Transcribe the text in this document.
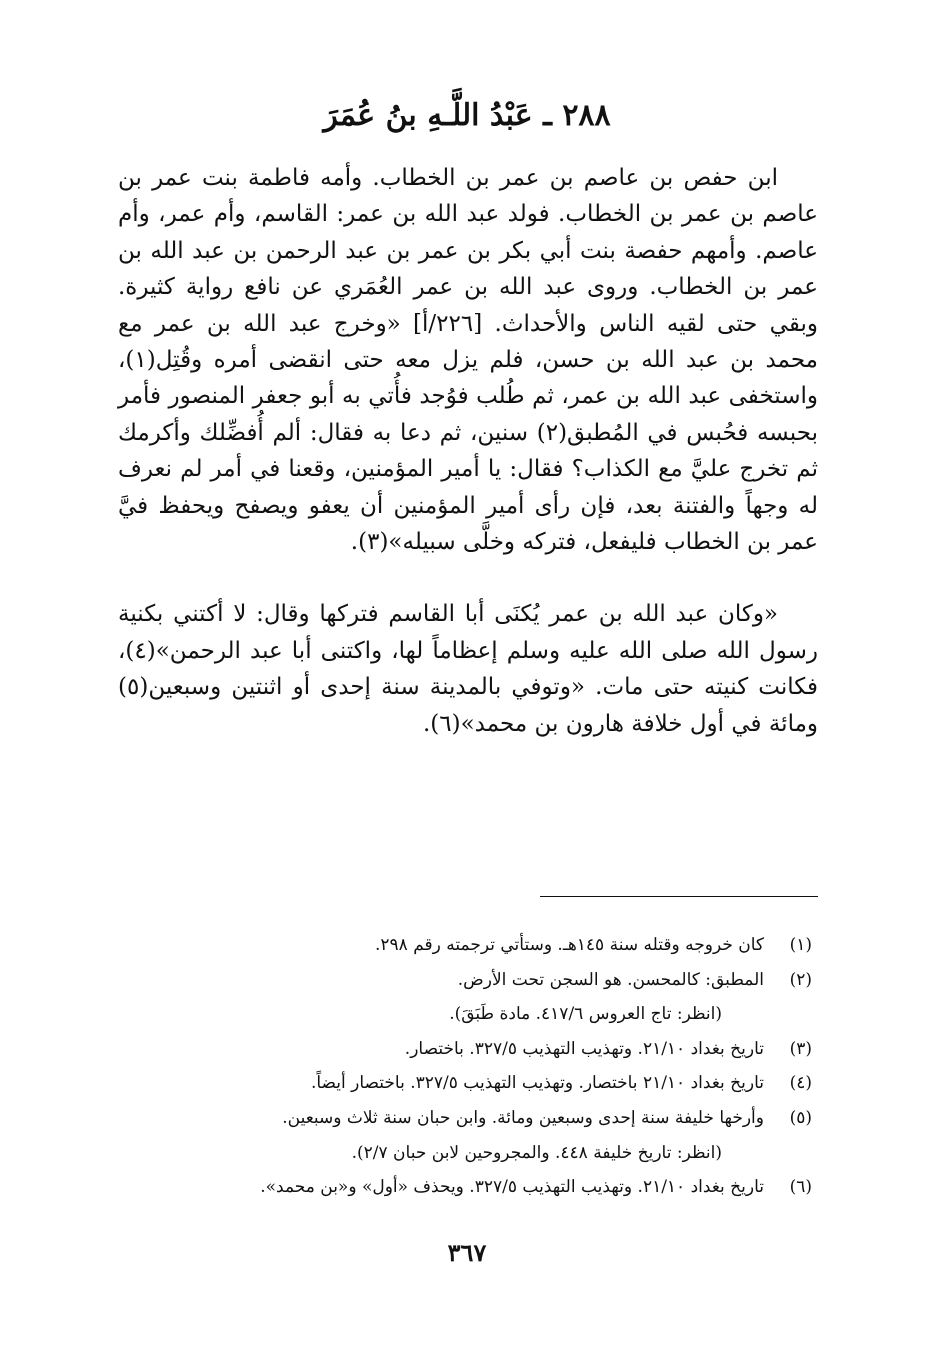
٢٨٨ ـ عَبْدُ اللَّـهِ بنُ عُمَرَ

ابن حفص بن عاصم بن عمر بن الخطاب. وأمه فاطمة بنت عمر بن عاصم بن عمر بن الخطاب. فولد عبد الله بن عمر: القاسم، وأم عمر، وأم عاصم. وأمهم حفصة بنت أبي بكر بن عمر بن عبد الرحمن بن عبد الله بن عمر بن الخطاب. وروى عبد الله بن عمر العُمَري عن نافع رواية كثيرة. وبقي حتى لقيه الناس والأحداث. [٢٢٦/أ] «وخرج عبد الله بن عمر مع محمد بن عبد الله بن حسن، فلم يزل معه حتى انقضى أمره وقُتِل(١)، واستخفى عبد الله بن عمر، ثم طُلب فوُجد فأُتي به أبو جعفر المنصور فأمر بحبسه فحُبس في المُطبق(٢) سنين، ثم دعا به فقال: ألم أُفضِّلك وأكرمك ثم تخرج عليَّ مع الكذاب؟ فقال: يا أمير المؤمنين، وقعنا في أمر لم نعرف له وجهاً والفتنة بعد، فإن رأى أمير المؤمنين أن يعفو ويصفح ويحفظ فيَّ عمر بن الخطاب فليفعل، فتركه وخلَّى سبيله»(٣).

«وكان عبد الله بن عمر يُكنَى أبا القاسم فتركها وقال: لا أكتني بكنية رسول الله صلى الله عليه وسلم إعظاماً لها، واكتنى أبا عبد الرحمن»(٤)، فكانت كنيته حتى مات. «وتوفي بالمدينة سنة إحدى أو اثنتين وسبعين(٥) ومائة في أول خلافة هارون بن محمد»(٦).

(١)
كان خروجه وقتله سنة ١٤٥هـ. وستأتي ترجمته رقم ٢٩٨.
(٢)
المطبق: كالمحسن. هو السجن تحت الأرض.
(انظر: تاج العروس ٤١٧/٦. مادة طَبَقَ).
(٣)
تاريخ بغداد ٢١/١٠. وتهذيب التهذيب ٣٢٧/٥. باختصار.
(٤)
تاريخ بغداد ٢١/١٠ باختصار. وتهذيب التهذيب ٣٢٧/٥. باختصار أيضاً.
(٥)
وأرخها خليفة سنة إحدى وسبعين ومائة. وابن حبان سنة ثلاث وسبعين.
(انظر: تاريخ خليفة ٤٤٨. والمجروحين لابن حبان ٢/٧).
(٦)
تاريخ بغداد ٢١/١٠. وتهذيب التهذيب ٣٢٧/٥. ويحذف «أول» و«بن محمد».
٣٦٧
